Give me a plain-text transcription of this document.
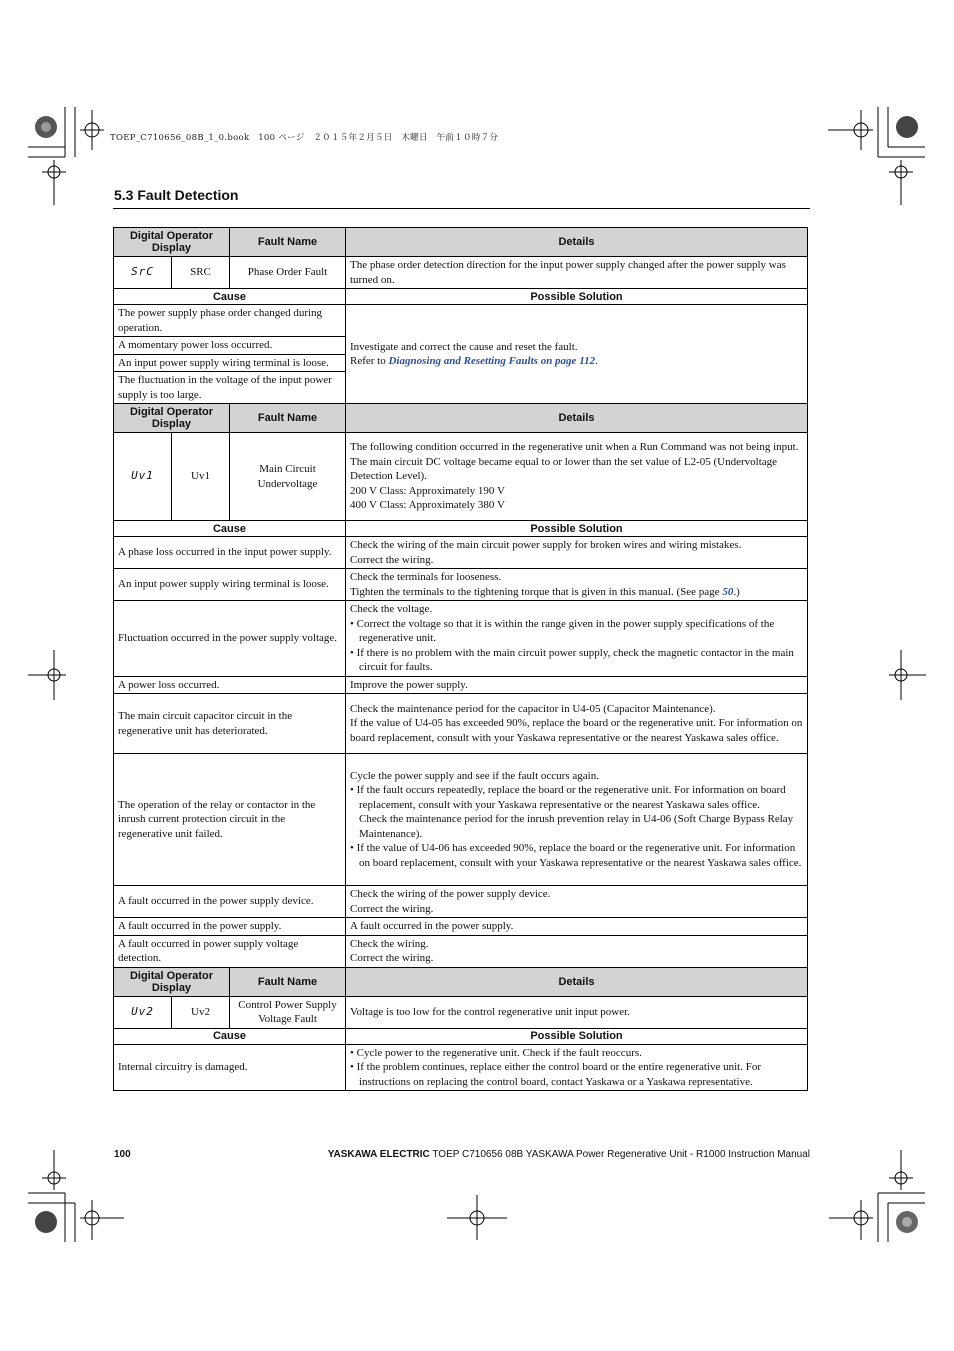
TOEP_C710656_08B_1_0.book　100 ページ　２０１５年２月５日　木曜日　午前１０時７分
5.3 Fault Detection
Digital Operator Display		Fault Name	Details
SrC	SRC	Phase Order Fault	The phase order detection direction for the input power supply changed after the power supply was turned on.
Cause			Possible Solution
The power supply phase order changed during operation.			Investigate and correct the cause and reset the fault.
Refer to Diagnosing and Resetting Faults on page 112.
A momentary power loss occurred.			
An input power supply wiring terminal is loose.			
The fluctuation in the voltage of the input power supply is too large.			
Digital Operator Display		Fault Name	Details
Uv1	Uv1	Main Circuit Undervoltage	The following condition occurred in the regenerative unit when a Run Command was not being input.
The main circuit DC voltage became equal to or lower than the set value of L2-05 (Undervoltage Detection Level).
200 V Class: Approximately 190 V
400 V Class: Approximately 380 V
Cause			Possible Solution
A phase loss occurred in the input power supply.			Check the wiring of the main circuit power supply for broken wires and wiring mistakes.
Correct the wiring.
An input power supply wiring terminal is loose.			Check the terminals for looseness.
Tighten the terminals to the tightening torque that is given in this manual. (See page 50.)
Fluctuation occurred in the power supply voltage.			Check the voltage.
• Correct the voltage so that it is within the range given in the power supply specifications of the regenerative unit.
• If there is no problem with the main circuit power supply, check the magnetic contactor in the main circuit for faults.

A power loss occurred.			Improve the power supply.
The main circuit capacitor circuit in the regenerative unit has deteriorated.			Check the maintenance period for the capacitor in U4-05 (Capacitor Maintenance).
If the value of U4-05 has exceeded 90%, replace the board or the regenerative unit. For information on board replacement, consult with your Yaskawa representative or the nearest Yaskawa sales office.
The operation of the relay or contactor in the inrush current protection circuit in the regenerative unit failed.			Cycle the power supply and see if the fault occurs again.
• If the fault occurs repeatedly, replace the board or the regenerative unit. For information on board replacement, consult with your Yaskawa representative or the nearest Yaskawa sales office.
Check the maintenance period for the inrush prevention relay in U4-06 (Soft Charge Bypass Relay Maintenance).
• If the value of U4-06 has exceeded 90%, replace the board or the regenerative unit. For information on board replacement, consult with your Yaskawa representative or the nearest Yaskawa sales office.

A fault occurred in the power supply device.			Check the wiring of the power supply device.
Correct the wiring.
A fault occurred in the power supply.			A fault occurred in the power supply.
A fault occurred in power supply voltage detection.			Check the wiring.
Correct the wiring.
Digital Operator Display		Fault Name	Details
Uv2	Uv2	Control Power Supply Voltage Fault	Voltage is too low for the control regenerative unit input power.
Cause			Possible Solution
Internal circuitry is damaged.			• Cycle power to the regenerative unit. Check if the fault reoccurs.
• If the problem continues, replace either the control board or the entire regenerative unit. For instructions on replacing the control board, contact Yaskawa or a Yaskawa representative.
100	YASKAWA ELECTRIC TOEP C710656 08B YASKAWA Power Regenerative Unit - R1000 Instruction Manual
